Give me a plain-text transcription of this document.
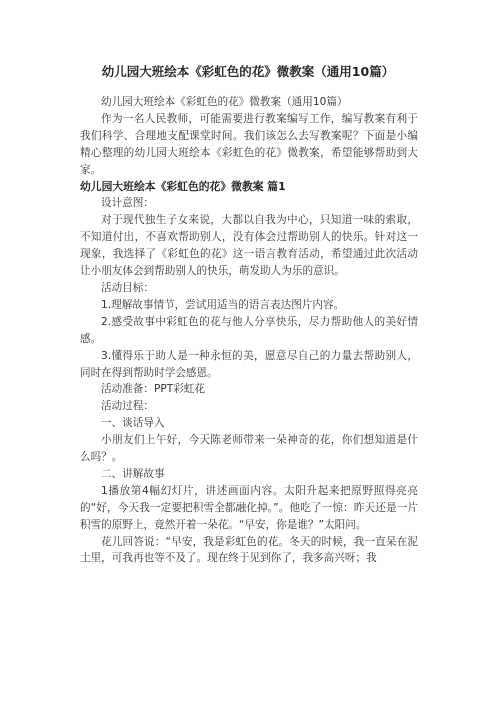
幼儿园大班绘本《彩虹色的花》微教案（通用10篇）

幼儿园大班绘本《彩虹色的花》微教案（通用10篇）

作为一名人民教师，可能需要进行教案编写工作，编写教案有利于我们科学、合理地支配课堂时间。我们该怎么去写教案呢？下面是小编精心整理的幼儿园大班绘本《彩虹色的花》微教案，希望能够帮助到大家。

幼儿园大班绘本《彩虹色的花》微教案 篇1

设计意图：

对于现代独生子女来说，大都以自我为中心，只知道一味的索取，不知道付出，不喜欢帮助别人，没有体会过帮助别人的快乐。针对这一现象，我选择了《彩虹色的花》这一语言教育活动，希望通过此次活动让小朋友体会到帮助别人的快乐，萌发助人为乐的意识。

活动目标：

1.理解故事情节，尝试用适当的语言表达图片内容。

2.感受故事中彩虹色的花与他人分享快乐，尽力帮助他人的美好情感。

3.懂得乐于助人是一种永恒的美，愿意尽自己的力量去帮助别人，同时在得到帮助时学会感恩。

活动准备：PPT彩虹花

活动过程：

一、谈话导入

小朋友们上午好，今天陈老师带来一朵神奇的花，你们想知道是什么吗？。

二、讲解故事

1播放第4幅幻灯片，讲述画面内容。太阳升起来把原野照得亮亮的“好，今天我一定要把积雪全都融化掉。”。他吃了一惊：昨天还是一片积雪的原野上，竟然开着一朵花。“早安，你是谁？”太阳问。

花儿回答说：“早安，我是彩虹色的花。冬天的时候，我一直呆在泥土里，可我再也等不及了。现在终于见到你了，我多高兴呀；我
